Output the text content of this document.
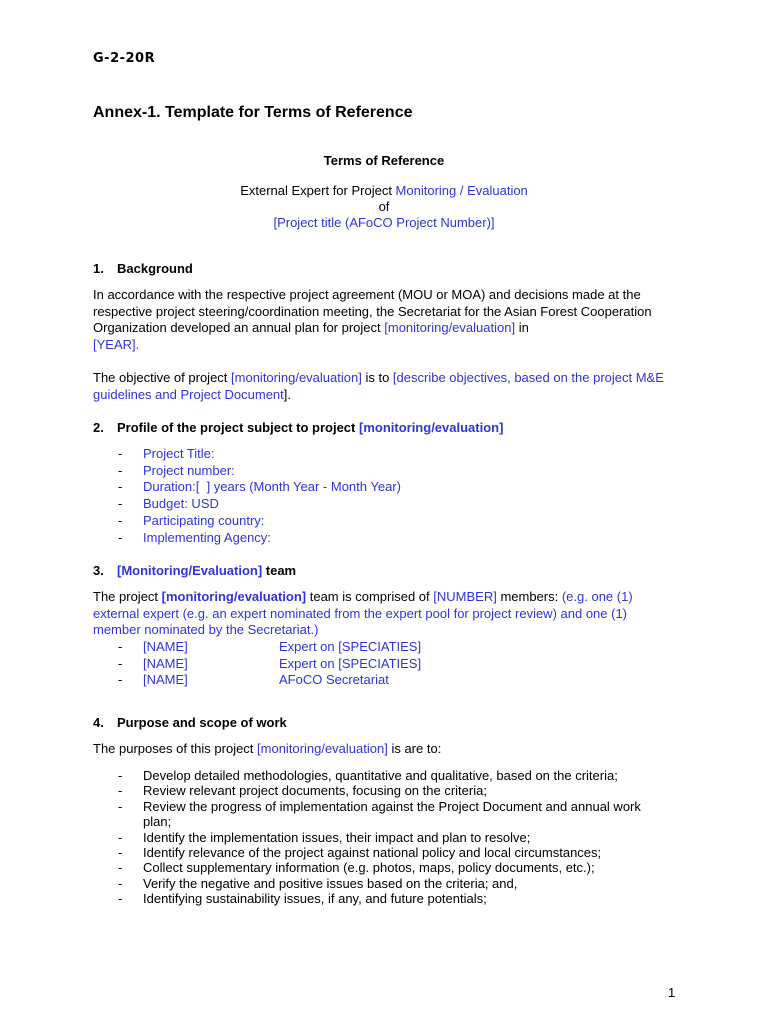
G-2-20R
Annex-1. Template for Terms of Reference
Terms of Reference
External Expert for Project Monitoring / Evaluation
of
[Project title (AFoCO Project Number)]
1. Background
In accordance with the respective project agreement (MOU or MOA) and decisions made at the respective project steering/coordination meeting, the Secretariat for the Asian Forest Cooperation Organization developed an annual plan for project [monitoring/evaluation] in
[YEAR].
The objective of project [monitoring/evaluation] is to [describe objectives, based on the project M&E guidelines and Project Document].
2. Profile of the project subject to project [monitoring/evaluation]
- Project Title:
- Project number:
- Duration:[  ] years (Month Year - Month Year)
- Budget: USD
- Participating country:
- Implementing Agency:
3. [Monitoring/Evaluation] team
The project [monitoring/evaluation] team is comprised of [NUMBER] members: (e.g. one (1) external expert (e.g. an expert nominated from the expert pool for project review) and one (1) member nominated by the Secretariat.)
- [NAME]	Expert on [SPECIATIES]
- [NAME]	Expert on [SPECIATIES]
- [NAME]	AFoCO Secretariat
4. Purpose and scope of work
The purposes of this project [monitoring/evaluation] is are to:
- Develop detailed methodologies, quantitative and qualitative, based on the criteria;
- Review relevant project documents, focusing on the criteria;
- Review the progress of implementation against the Project Document and annual work plan;
- Identify the implementation issues, their impact and plan to resolve;
- Identify relevance of the project against national policy and local circumstances;
- Collect supplementary information (e.g. photos, maps, policy documents, etc.);
- Verify the negative and positive issues based on the criteria; and,
- Identifying sustainability issues, if any, and future potentials;
1
